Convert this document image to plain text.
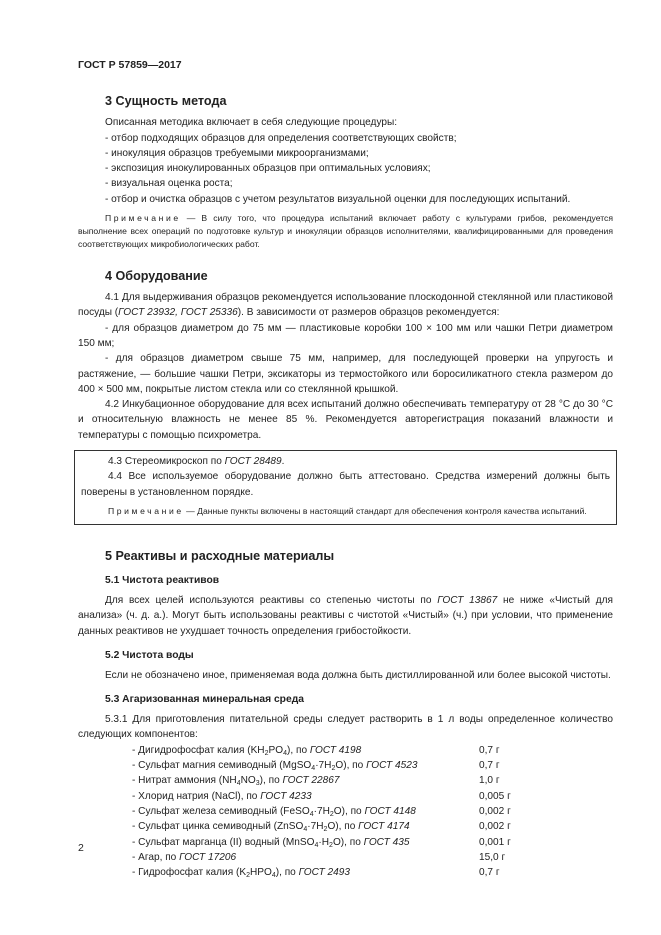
ГОСТ Р 57859—2017
3 Сущность метода

Описанная методика включает в себя следующие процедуры:

- отбор подходящих образцов для определения соответствующих свойств;

- инокуляция образцов требуемыми микроорганизмами;

- экспозиция инокулированных образцов при оптимальных условиях;

- визуальная оценка роста;

- отбор и очистка образцов с учетом результатов визуальной оценки для последующих испытаний.

Примечание — В силу того, что процедура испытаний включает работу с культурами грибов, рекомендуется выполнение всех операций по подготовке культур и инокуляции образцов исполнителями, квалифицированными для проведения соответствующих микробиологических работ.

4 Оборудование

4.1 Для выдерживания образцов рекомендуется использование плоскодонной стеклянной или пластиковой посуды (ГОСТ 23932, ГОСТ 25336). В зависимости от размеров образцов рекомендуется:

- для образцов диаметром до 75 мм — пластиковые коробки 100 × 100 мм или чашки Петри диаметром 150 мм;

- для образцов диаметром свыше 75 мм, например, для последующей проверки на упругость и растяжение, — большие чашки Петри, эксикаторы из термостойкого или боросиликатного стекла размером до 400 × 500 мм, покрытые листом стекла или со стеклянной крышкой.

4.2 Инкубационное оборудование для всех испытаний должно обеспечивать температуру от 28 °С до 30 °С и относительную влажность не менее 85 %. Рекомендуется авторегистрация показаний влажности и температуры с помощью психрометра.

4.3 Стереомикроскоп по ГОСТ 28489.

4.4 Все используемое оборудование должно быть аттестовано. Средства измерений должны быть поверены в установленном порядке.

Примечание — Данные пункты включены в настоящий стандарт для обеспечения контроля качества испытаний.

5 Реактивы и расходные материалы
5.1 Чистота реактивов

Для всех целей используются реактивы со степенью чистоты по ГОСТ 13867 не ниже «Чистый для анализа» (ч. д. а.). Могут быть использованы реактивы с чистотой «Чистый» (ч.) при условии, что применение данных реактивов не ухудшает точность определения грибостойкости.

5.2 Чистота воды

Если не обозначено иное, применяемая вода должна быть дистиллированной или более высокой чистоты.

5.3 Агаризованная минеральная среда

5.3.1 Для приготовления питательной среды следует растворить в 1 л воды определенное количество следующих компонентов:

- Дигидрофосфат калия $(KH_2PO_4)$, по ГОСТ 4198	0,7 г
- Сульфат магния семиводный $(MgSO_4\cdot 7H_2O)$, по ГОСТ 4523	0,7 г
- Нитрат аммония $(NH_4NO_3)$, по ГОСТ 22867	1,0 г
- Хлорид натрия (NaCl), по ГОСТ 4233	0,005 г
- Сульфат железа семиводный $(FeSO_4\cdot 7H_2O)$, по ГОСТ 4148	0,002 г
- Сульфат цинка семиводный $(ZnSO_4\cdot 7H_2O)$, по ГОСТ 4174	0,002 г
- Сульфат марганца (II) водный $(MnSO_4\cdot H_2O)$, по ГОСТ 435	0,001 г
- Агар, по ГОСТ 17206	15,0 г
- Гидрофосфат калия $(K_2HPO_4)$, по ГОСТ 2493	0,7 г
2
